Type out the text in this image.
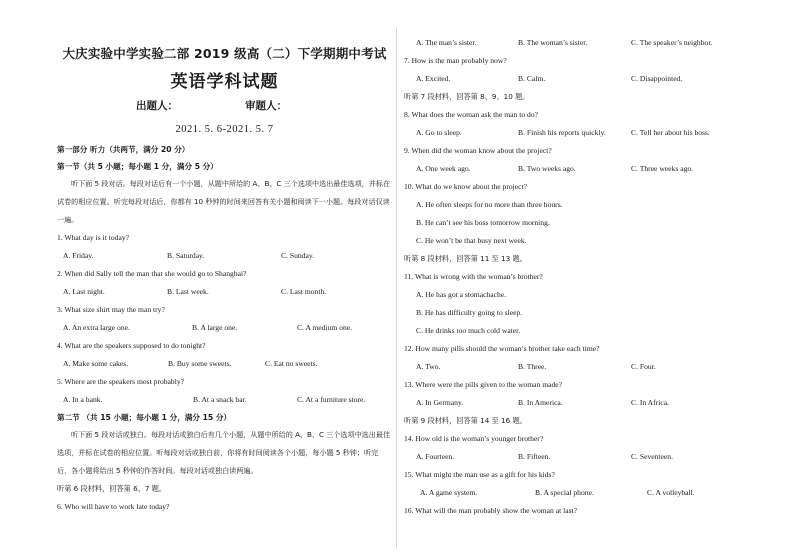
大庆实验中学实验二部 2019 级高（二）下学期期中考试
英语学科试题
出题人：	审题人：
2021. 5. 6-2021. 5. 7
第一部分 听力（共两节，满分 20 分）
第一节（共 5 小题；每小题 1 分，满分 5 分）
听下面 5 段对话。每段对话后有一个小题，从题中所给的 A、B、C 三个选项中选出最佳选项，并标在试卷的相应位置。听完每段对话后，你都有 10 秒钟的时间来回答有关小题和阅读下一小题。每段对话仅读一遍。
1. What day is it today?
A. Friday.	B. Saturday.	C. Sunday.
2. When did Sally tell the man that she would go to Shanghai?
A. Last night.	B. Last week.	C. Last month.
3. What size shirt may the man try?
A. An extra large one.	B. A large one.	C. A medium one.
4. What are the speakers supposed to do tonight?
A. Make some cakes.	B. Buy some sweets.	C. Eat no sweets.
5. Where are the speakers most probably?
A. In a bank.	B. At a snack bar.	C. At a furniture store.
第二节 （共 15 小题；每小题 1 分，满分 15 分）
听下面 5 段对话或独白。每段对话或独白后有几个小题，从题中所给的 A、B、C 三个选项中选出最佳选项，并标在试卷的相应位置。听每段对话或独白前，你将有时间阅读各个小题，每小题 5 秒钟；听完后，各小题将给出 5 秒钟的作答时间。每段对话或独白读两遍。
听第 6 段材料，回答第 6、7 题。
6. Who will have to work late today?
A. The man’s sister.	B. The woman’s sister.	C. The speaker’s neighbor.
7. How is the man probably now?
A. Excited.	B. Calm.	C. Disappointed.
听第 7 段材料，回答第 8、9、10 题。
8. What does the woman ask the man to do?
A. Go to sleep.	B. Finish his reports quickly.	C. Tell her about his boss.
9. When did the woman know about the project?
A. One week ago.	B. Two weeks ago.	C. Three weeks ago.
10. What do we know about the project?
A. He often sleeps for no more than three hours.
B. He can’t see his boss tomorrow morning.
C. He won’t be that busy next week.
听第 8 段材料，回答第 11 至 13 题。
11. What is wrong with the woman’s brother?
A. He has got a stomachache.
B. He has difficulty going to sleep.
C. He drinks too much cold water.
12. How many pills should the woman’s brother take each time?
A. Two.	B. Three.	C. Four.
13. Where were the pills given to the woman made?
A. In Germany.	B. In America.	C. In Africa.
听第 9 段材料，回答第 14 至 16 题。
14. How old is the woman’s younger brother?
A. Fourteen.	B. Fifteen.	C. Seventeen.
15. What might the man use as a gift for his kids?
A. A game system.	B. A special phone.	C. A volleyball.
16. What will the man probably show the woman at last?
